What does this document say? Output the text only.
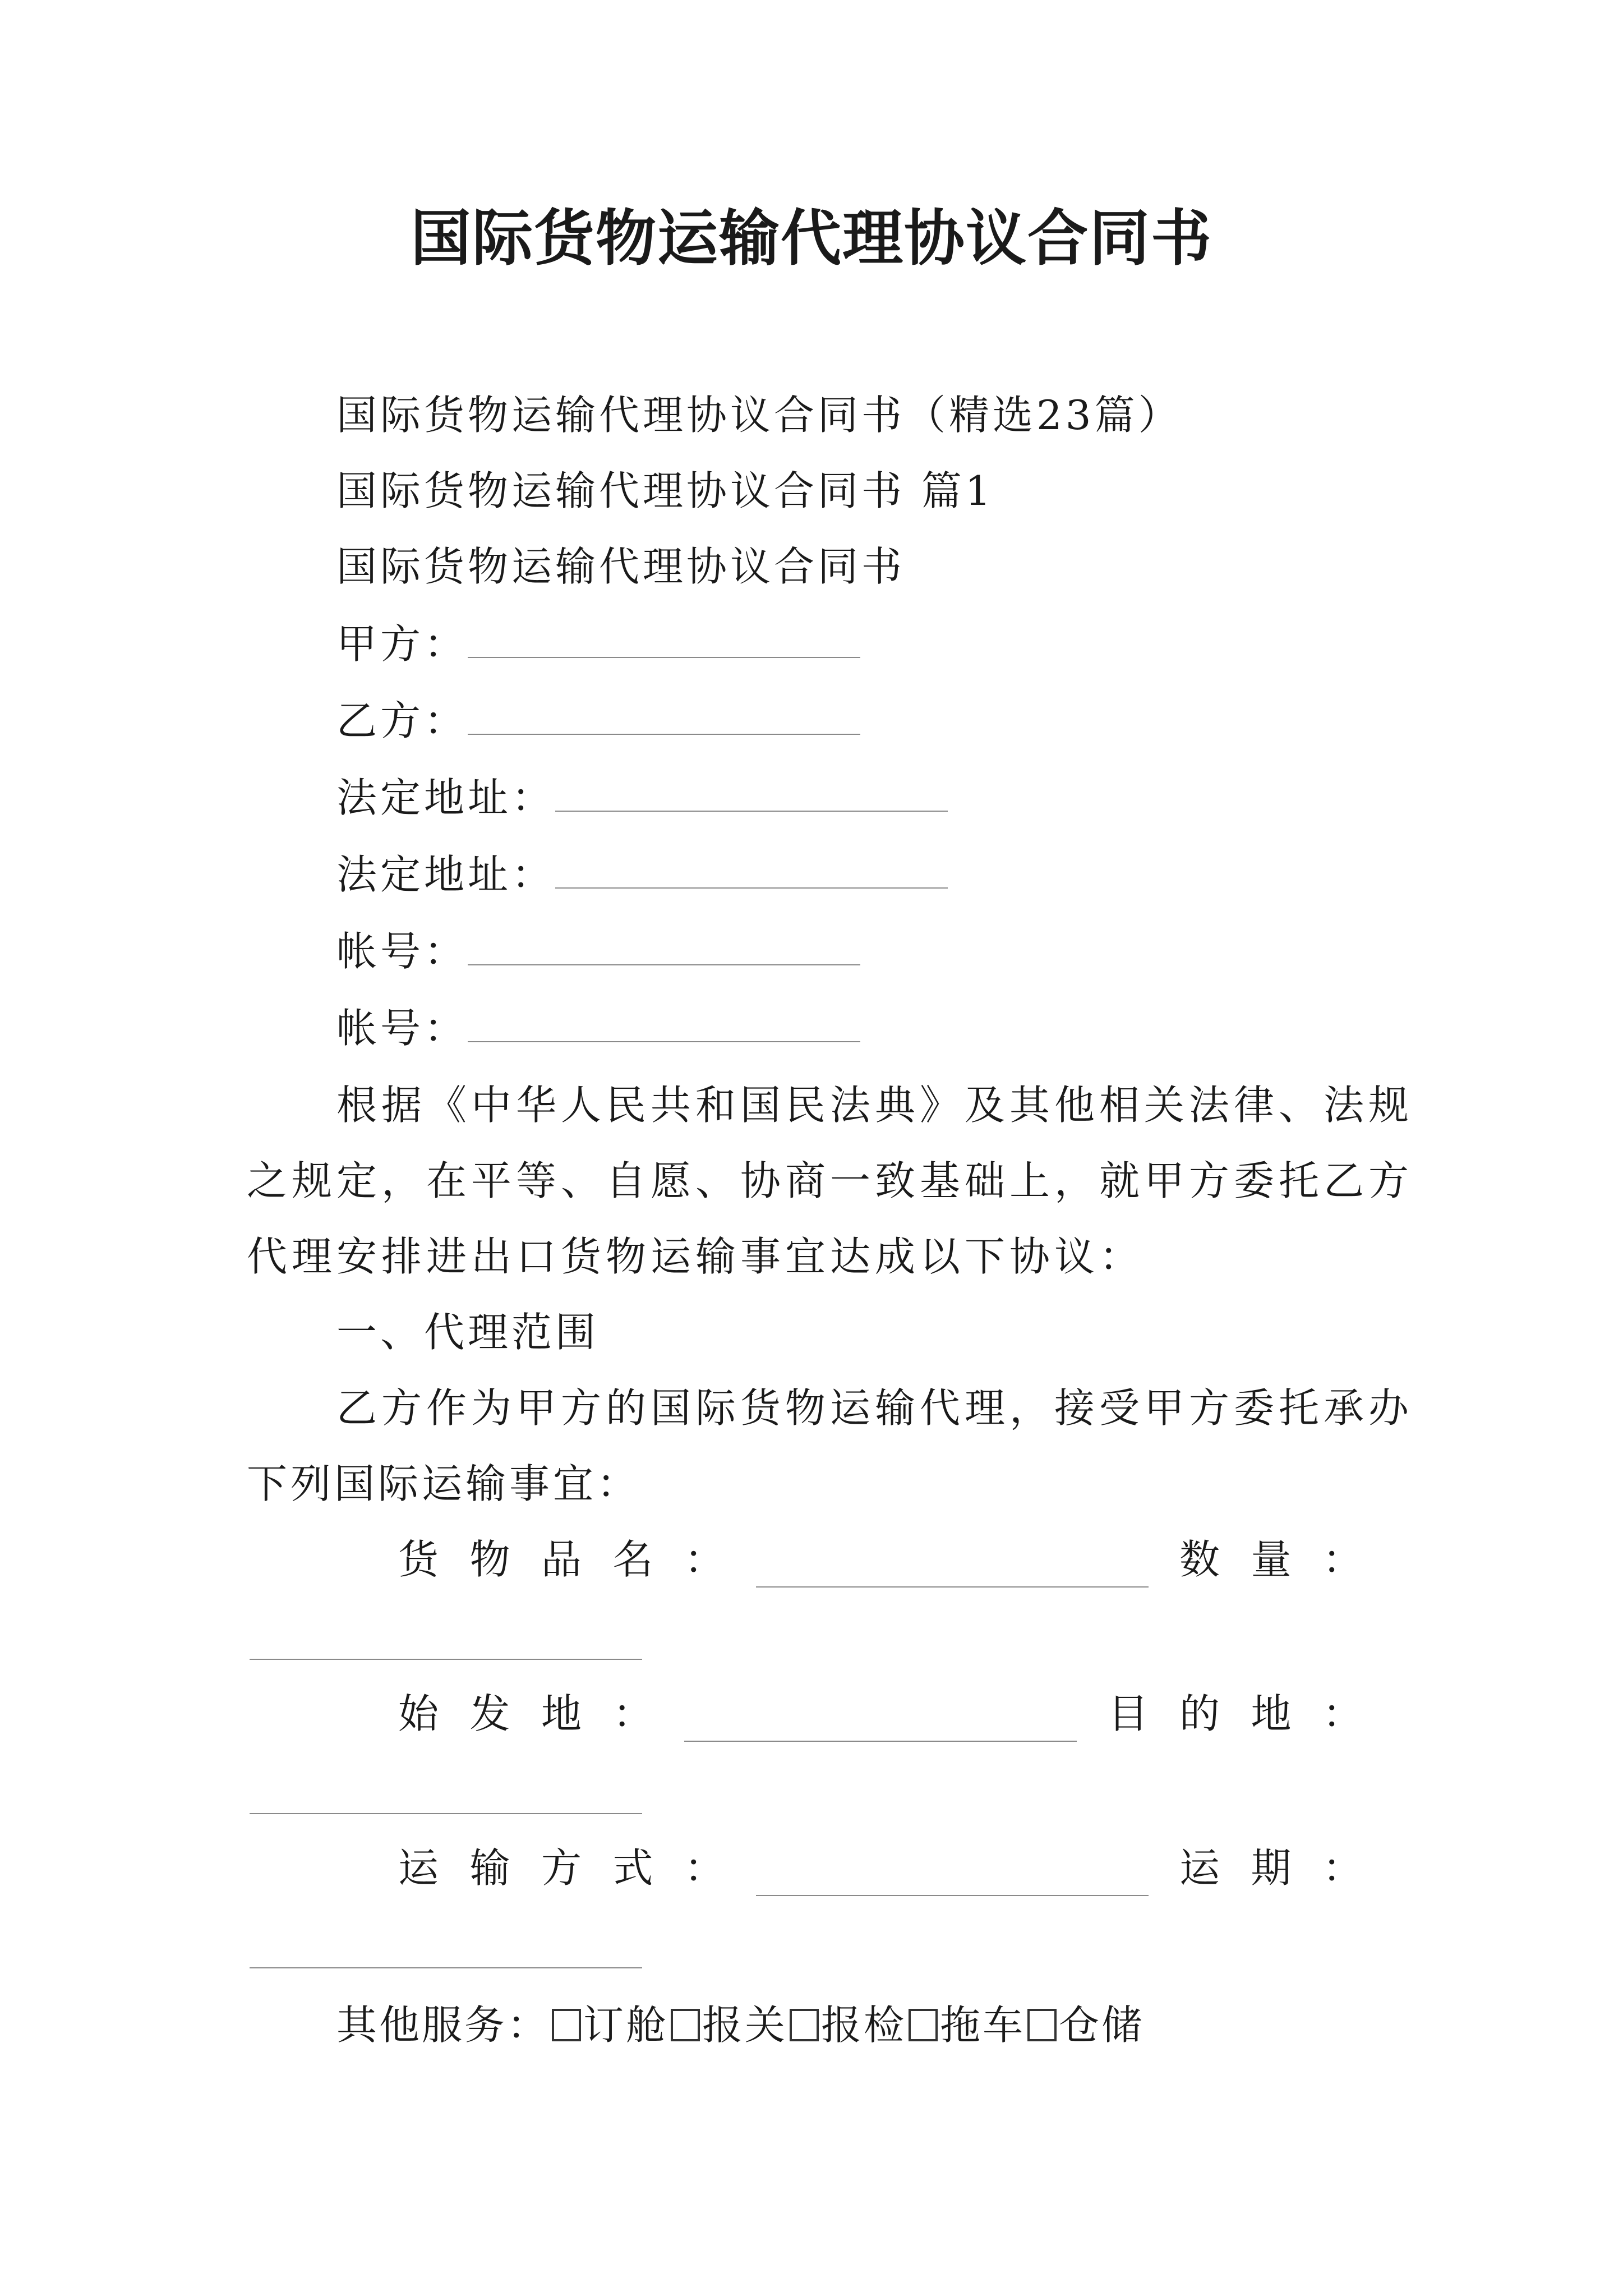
国际货物运输代理协议合同书
国际货物运输代理协议合同书（精选23篇）
国际货物运输代理协议合同书 篇1
国际货物运输代理协议合同书
甲方：
乙方：
法定地址：
法定地址：
帐号：
帐号：
根据《中华人民共和国民法典》及其他相关法律、法规
之规定，在平等、自愿、协商一致基础上，就甲方委托乙方
代理安排进出口货物运输事宜达成以下协议：
一、代理范围
乙方作为甲方的国际货物运输代理，接受甲方委托承办
下列国际运输事宜：
货 物 品 名 ：	数 量 ：
始 发 地 ：	目 的 地 ：
运 输 方 式 ：	运 期 ：
其他服务： 订舱 报关 报检 拖车 仓储
